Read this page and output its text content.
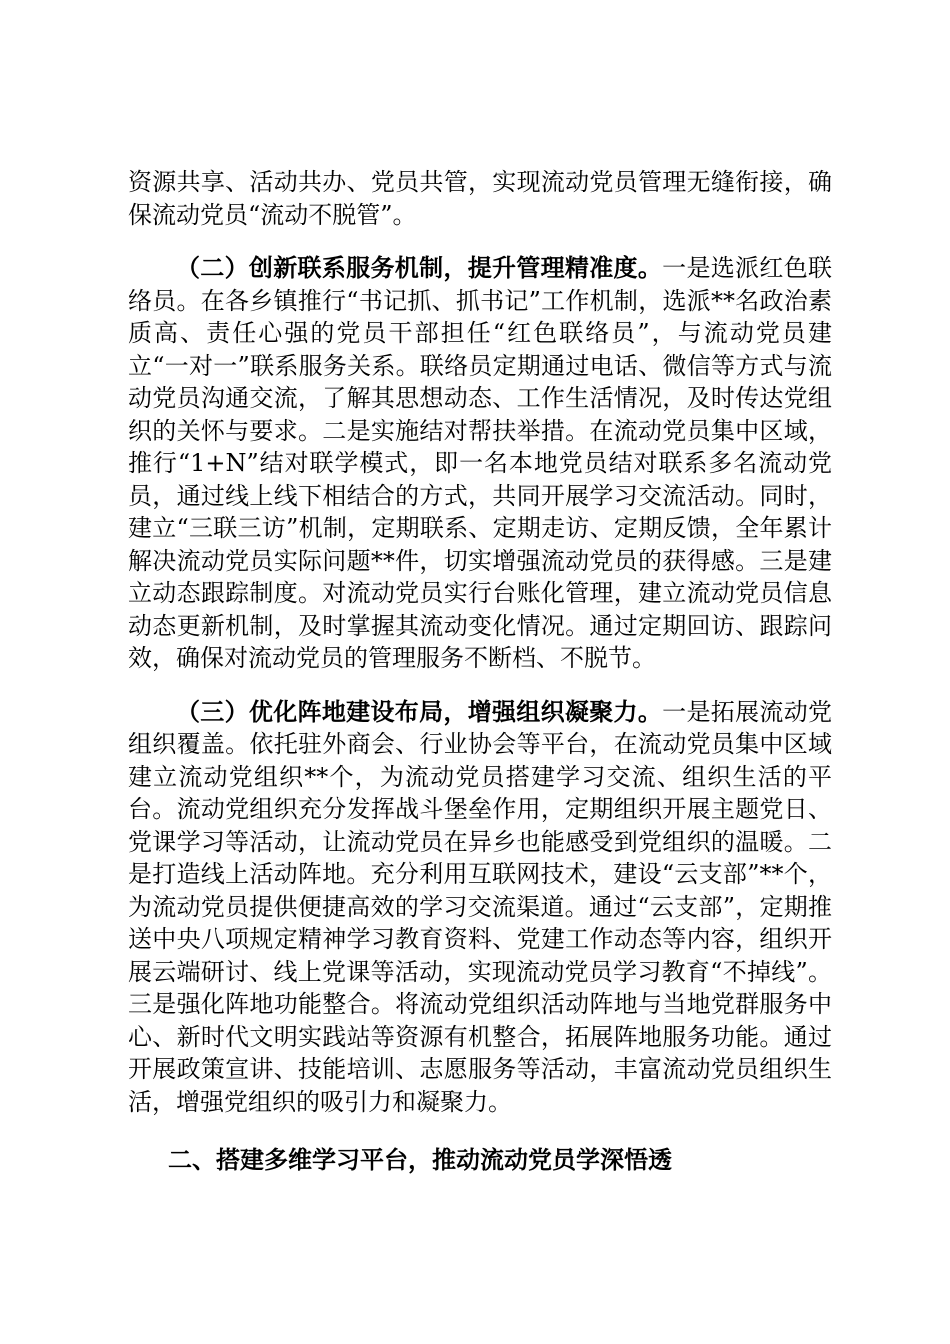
资源共享、活动共办、党员共管，实现流动党员管理无缝衔接，确保流动党员“流动不脱管”。

（二）创新联系服务机制，提升管理精准度。一是选派红色联络员。在各乡镇推行“书记抓、抓书记”工作机制，选派**名政治素质高、责任心强的党员干部担任“红色联络员”，与流动党员建立“一对一”联系服务关系。联络员定期通过电话、微信等方式与流动党员沟通交流，了解其思想动态、工作生活情况，及时传达党组织的关怀与要求。二是实施结对帮扶举措。在流动党员集中区域，推行“1+N”结对联学模式，即一名本地党员结对联系多名流动党员，通过线上线下相结合的方式，共同开展学习交流活动。同时，建立“三联三访”机制，定期联系、定期走访、定期反馈，全年累计解决流动党员实际问题**件，切实增强流动党员的获得感。三是建立动态跟踪制度。对流动党员实行台账化管理，建立流动党员信息动态更新机制，及时掌握其流动变化情况。通过定期回访、跟踪问效，确保对流动党员的管理服务不断档、不脱节。

（三）优化阵地建设布局，增强组织凝聚力。一是拓展流动党组织覆盖。依托驻外商会、行业协会等平台，在流动党员集中区域建立流动党组织**个，为流动党员搭建学习交流、组织生活的平台。流动党组织充分发挥战斗堡垒作用，定期组织开展主题党日、党课学习等活动，让流动党员在异乡也能感受到党组织的温暖。二是打造线上活动阵地。充分利用互联网技术，建设“云支部”**个，为流动党员提供便捷高效的学习交流渠道。通过“云支部”，定期推送中央八项规定精神学习教育资料、党建工作动态等内容，组织开展云端研讨、线上党课等活动，实现流动党员学习教育“不掉线”。三是强化阵地功能整合。将流动党组织活动阵地与当地党群服务中心、新时代文明实践站等资源有机整合，拓展阵地服务功能。通过开展政策宣讲、技能培训、志愿服务等活动，丰富流动党员组织生活，增强党组织的吸引力和凝聚力。

二、搭建多维学习平台，推动流动党员学深悟透
